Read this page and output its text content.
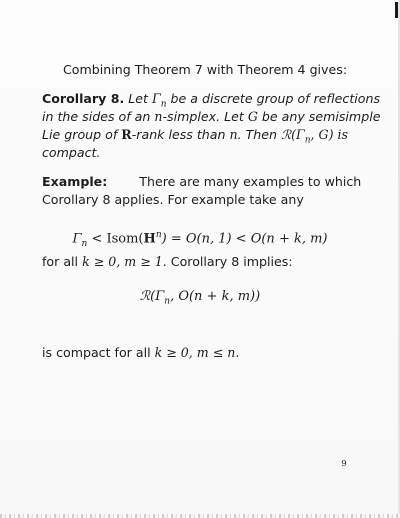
Combining Theorem 7 with Theorem 4 gives:
Corollary 8. Let $\Gamma_n$ be a discrete group of reflections
in the sides of an n-simplex. Let G be any semisimple
Lie group of R-rank less than n. Then $ℛ(\Gamma_n$, G) is
compact.
Example:	There are many examples to which
Corollary 8 applies. For example take any
$\Gamma_n$ < $Isom(H^n) = O(n$, 1) < O(n + k, m)
for all k ≥ 0, m ≥ 1. Corollary 8 implies:
$ℛ(\Gamma_n$, O(n + k, m))
is compact for all k ≥ 0, m ≤ n.
9
